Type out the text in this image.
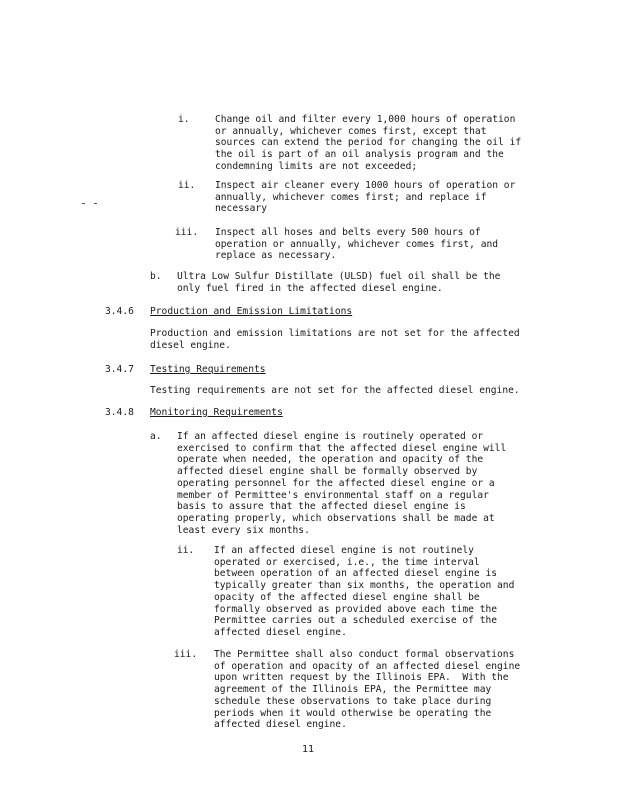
i.	Change oil and filter every 1,000 hours of operation
or annually, whichever comes first, except that
sources can extend the period for changing the oil if
the oil is part of an oil analysis program and the
condemning limits are not exceeded;

ii. Inspect air cleaner every 1000 hours of operation or
annually, whichever comes first; and replace if
necessary

iii. Inspect all hoses and belts every 500 hours of
operation or annually, whichever comes first, and
replace as necessary.

b. Ultra Low Sulfur Distillate (ULSD) fuel oil shall be the
only fuel fired in the affected diesel engine.

3.4.6 Production and Emission Limitations

Production and emission limitations are not set for the affected
diesel engine.

3.4.7 Testing Requirements

Testing requirements are not set for the affected diesel engine.

3.4.8 Monitoring Requirements
a. If an affected diesel engine is routinely operated or
exercised to confirm that the affected diesel engine will
operate when needed, the operation and opacity of the
affected diesel engine shall be formally observed by
operating personnel for the affected diesel engine or a
member of Permittee's environmental staff on a regular
basis to assure that the affected diesel engine is
operating properly, which observations shall be made at
least every six months.

ii. If an affected diesel engine is not routinely
operated or exercised, i.e., the time interval
between operation of an affected diesel engine is
typically greater than six months, the operation and
opacity of the affected diesel engine shall be
formally observed as provided above each time the
Permittee carries out a scheduled exercise of the
affected diesel engine.

iii. The Permittee shall also conduct formal observations
of operation and opacity of an affected diesel engine
upon written request by the Illinois EPA.  With the
agreement of the Illinois EPA, the Permittee may
schedule these observations to take place during
periods when it would otherwise be operating the
affected diesel engine.

11
